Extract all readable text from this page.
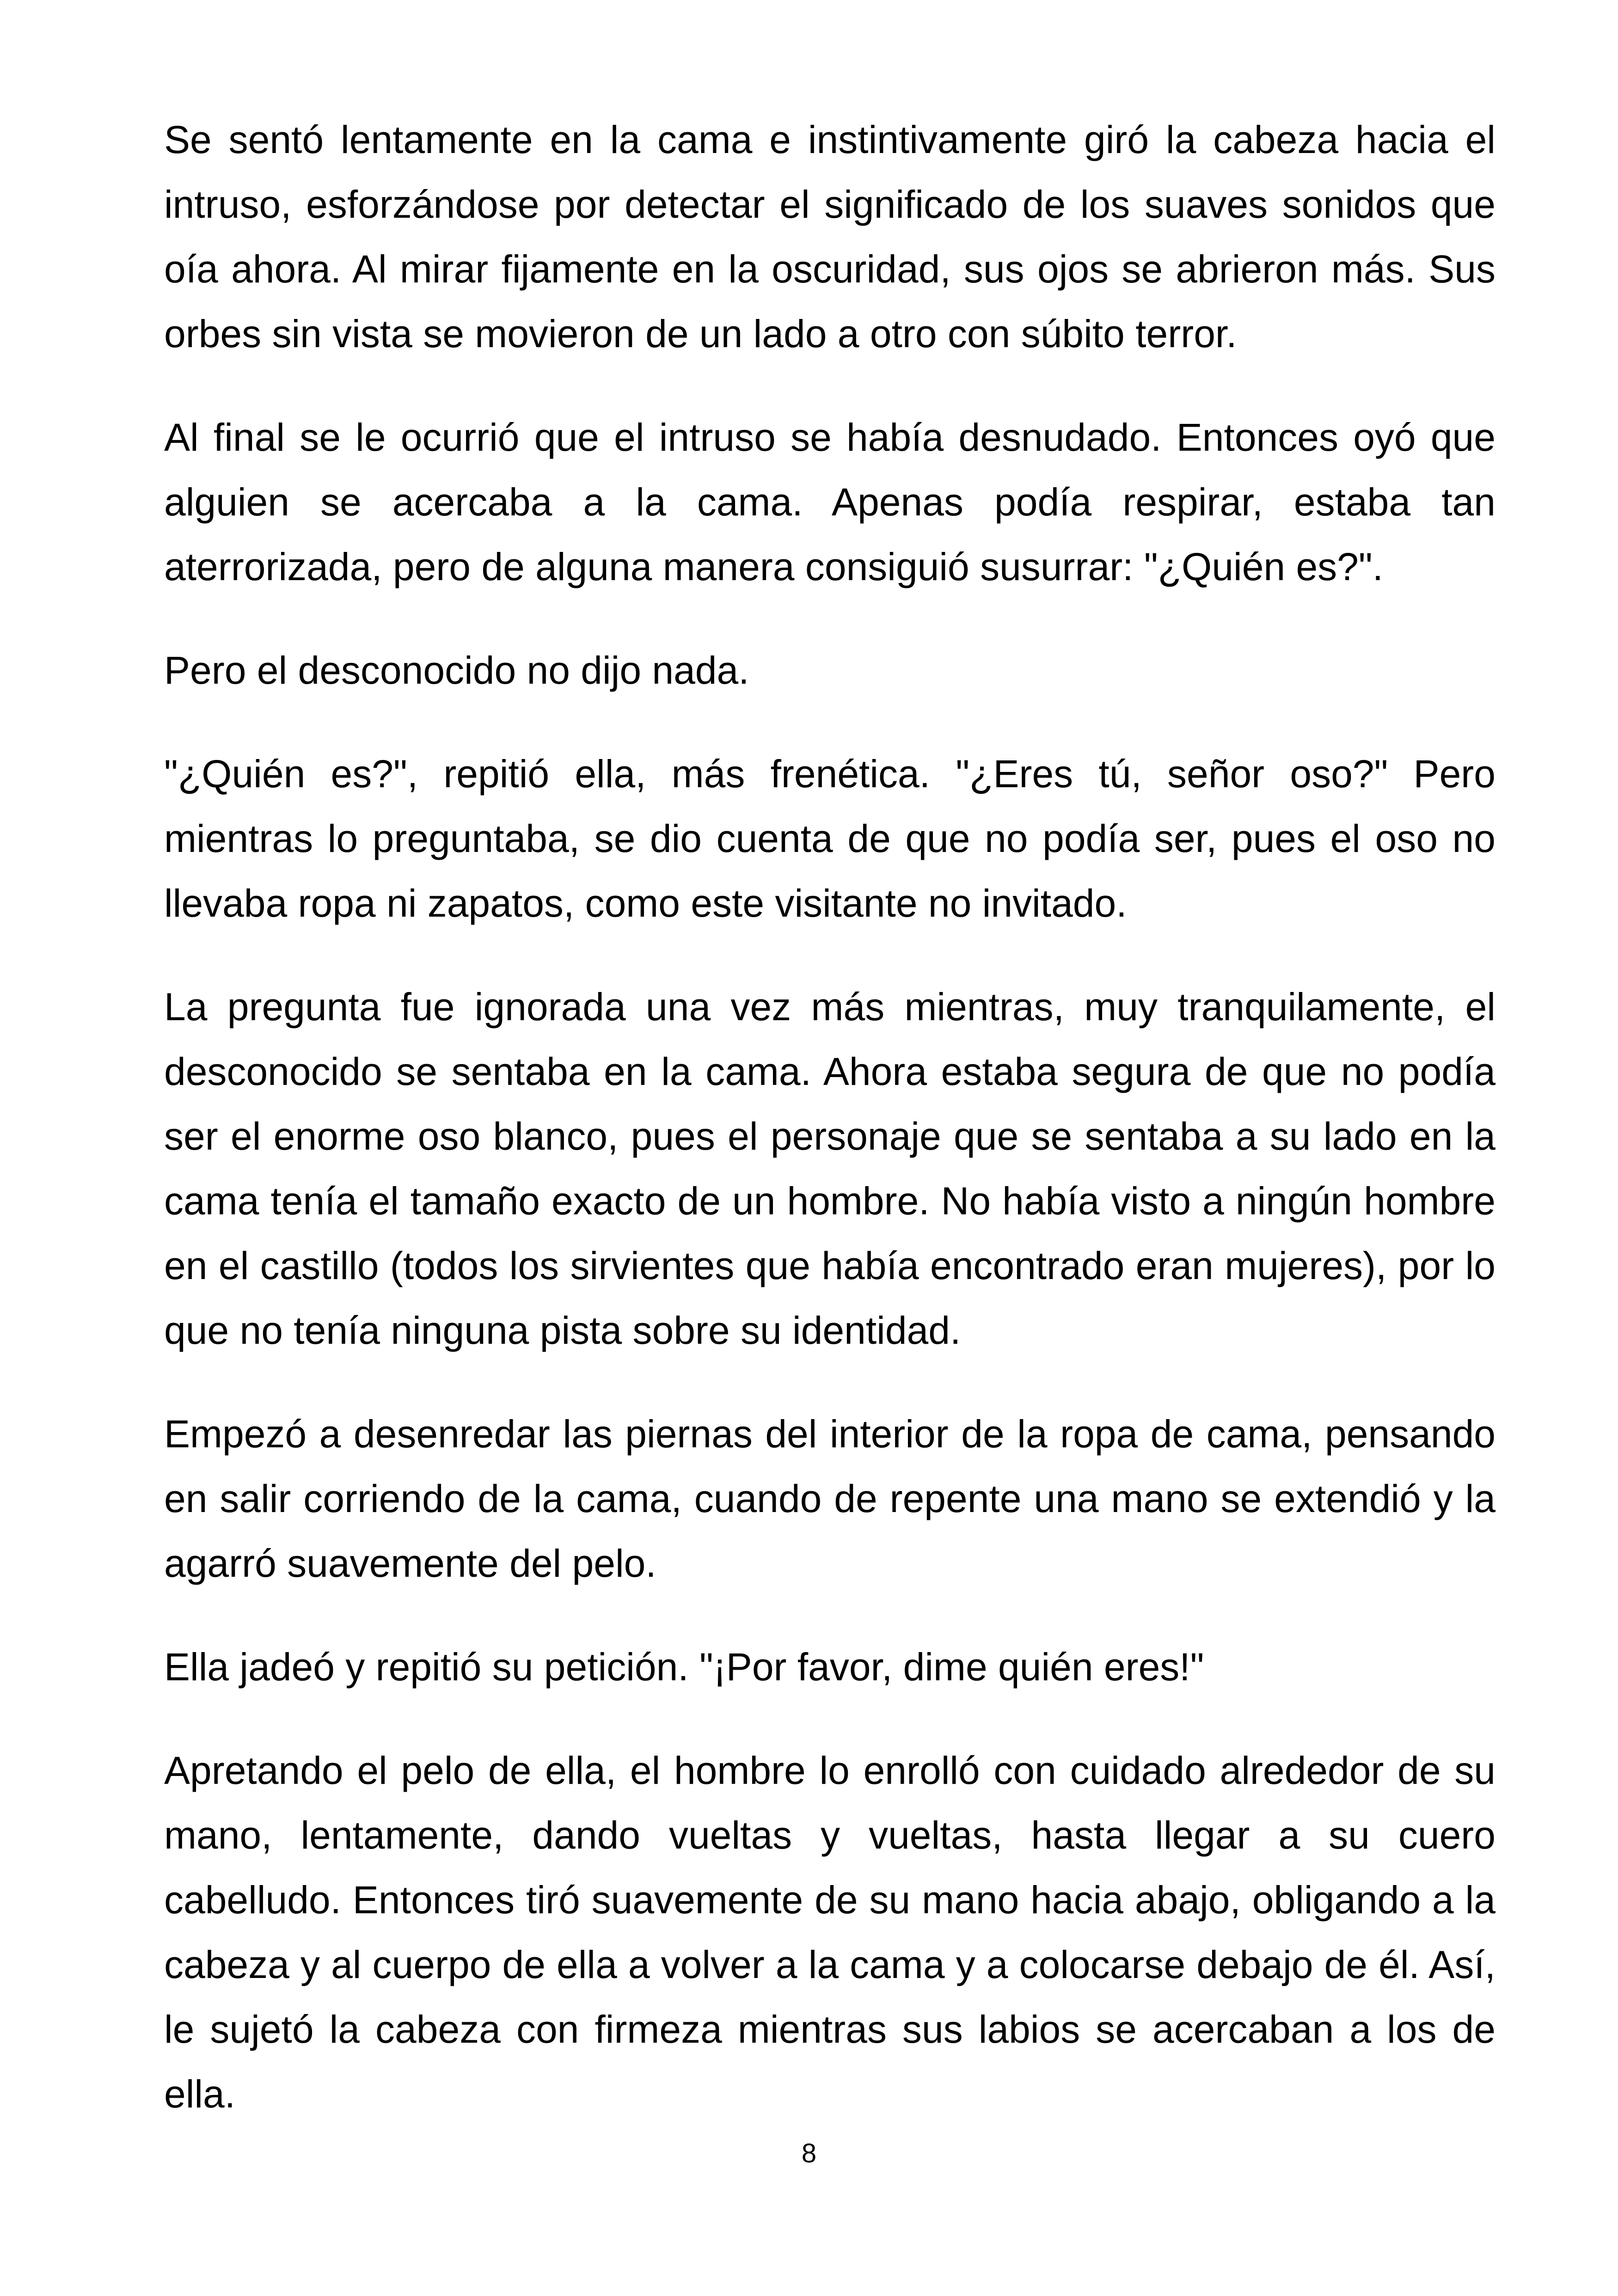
Se sentó lentamente en la cama e instintivamente giró la cabeza hacia el intruso, esforzándose por detectar el significado de los suaves sonidos que oía ahora. Al mirar fijamente en la oscuridad, sus ojos se abrieron más. Sus orbes sin vista se movieron de un lado a otro con súbito terror.

Al final se le ocurrió que el intruso se había desnudado. Entonces oyó que alguien se acercaba a la cama. Apenas podía respirar, estaba tan aterrorizada, pero de alguna manera consiguió susurrar: "¿Quién es?".

Pero el desconocido no dijo nada.

"¿Quién es?", repitió ella, más frenética. "¿Eres tú, señor oso?" Pero mientras lo preguntaba, se dio cuenta de que no podía ser, pues el oso no llevaba ropa ni zapatos, como este visitante no invitado.

La pregunta fue ignorada una vez más mientras, muy tranquilamente, el desconocido se sentaba en la cama. Ahora estaba segura de que no podía ser el enorme oso blanco, pues el personaje que se sentaba a su lado en la cama tenía el tamaño exacto de un hombre. No había visto a ningún hombre en el castillo (todos los sirvientes que había encontrado eran mujeres), por lo que no tenía ninguna pista sobre su identidad.

Empezó a desenredar las piernas del interior de la ropa de cama, pensando en salir corriendo de la cama, cuando de repente una mano se extendió y la agarró suavemente del pelo.

Ella jadeó y repitió su petición. "¡Por favor, dime quién eres!"

Apretando el pelo de ella, el hombre lo enrolló con cuidado alrededor de su mano, lentamente, dando vueltas y vueltas, hasta llegar a su cuero cabelludo. Entonces tiró suavemente de su mano hacia abajo, obligando a la cabeza y al cuerpo de ella a volver a la cama y a colocarse debajo de él. Así, le sujetó la cabeza con firmeza mientras sus labios se acercaban a los de ella.

8
